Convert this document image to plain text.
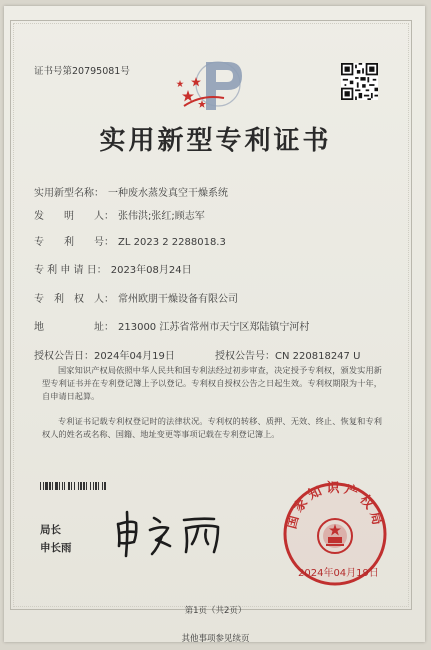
证书号第20795081号
实用新型专利证书
实用新型名称： 一种废水蒸发真空干燥系统
发　　明　　人： 张伟洪;张红;顾志军
专　　利　　号： ZL 2023 2 2288018.3
专 利 申 请 日： 2023年08月24日
专　利　权　人： 常州欧朋干燥设备有限公司
地　　　　　址： 213000 江苏省常州市天宁区郑陆镇宁河村
授权公告日：2024年04月19日	授权公告号：CN 220818247 U

国家知识产权局依照中华人民共和国专利法经过初步审查，决定授予专利权，颁发实用新型专利证书并在专利登记簿上予以登记。专利权自授权公告之日起生效。专利权期限为十年，自申请日起算。

专利证书记载专利权登记时的法律状况。专利权的转移、质押、无效、终止、恢复和专利权人的姓名或名称、国籍、地址变更等事项记载在专利登记簿上。

局长
申长雨
国家知识产权局
2024年04月19日
第1页（共2页）
其他事项参见续页
